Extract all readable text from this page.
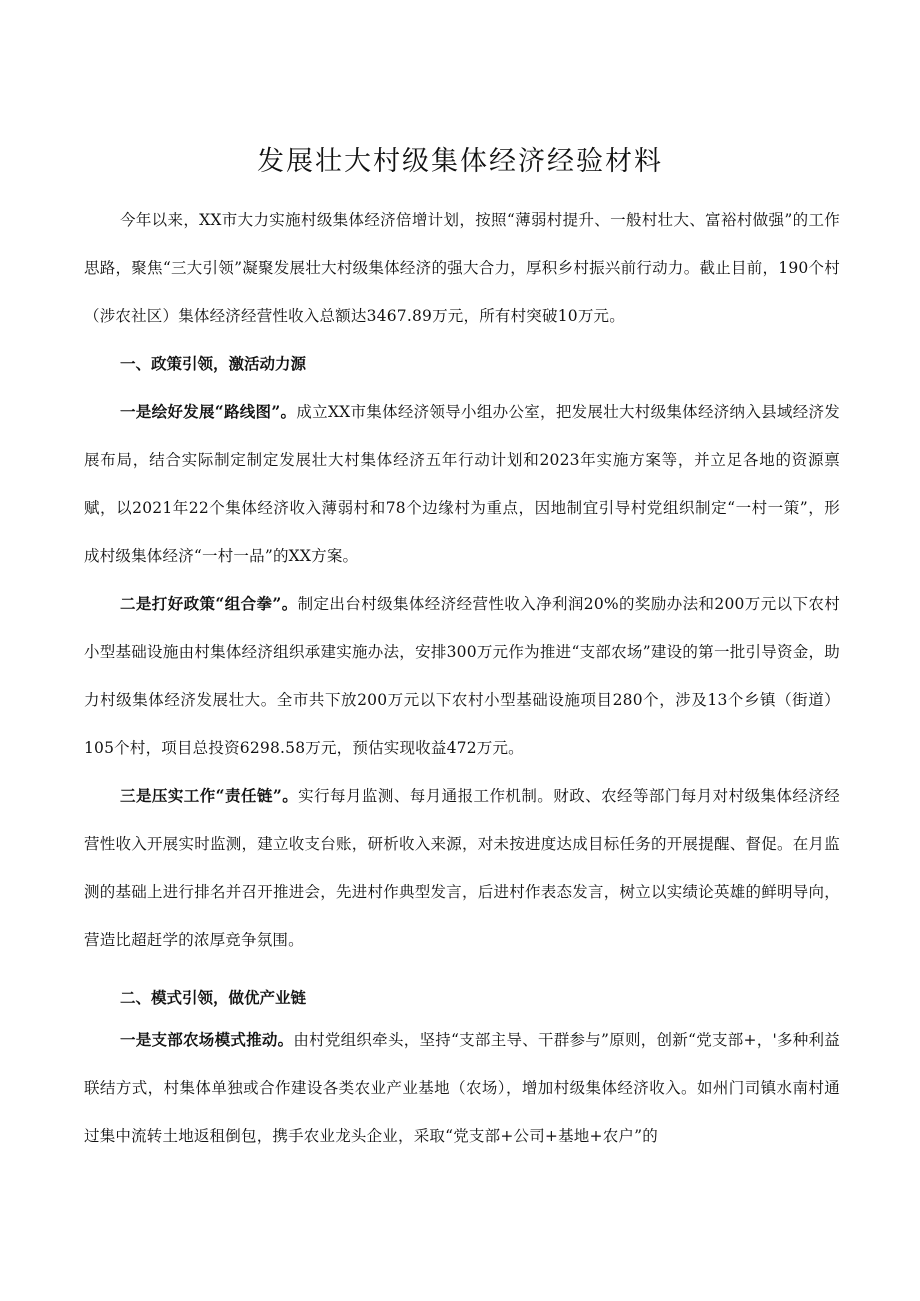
发展壮大村级集体经济经验材料

今年以来，XX市大力实施村级集体经济倍增计划，按照“薄弱村提升、一般村壮大、富裕村做强”的工作思路，聚焦“三大引领”凝聚发展壮大村级集体经济的强大合力，厚积乡村振兴前行动力。截止目前，190个村（涉农社区）集体经济经营性收入总额达3467.89万元，所有村突破10万元。

一、政策引领，激活动力源

一是绘好发展“路线图”。成立XX市集体经济领导小组办公室，把发展壮大村级集体经济纳入县域经济发展布局，结合实际制定制定发展壮大村集体经济五年行动计划和2023年实施方案等，并立足各地的资源禀赋，以2021年22个集体经济收入薄弱村和78个边缘村为重点，因地制宜引导村党组织制定“一村一策”，形成村级集体经济“一村一品”的XX方案。

二是打好政策“组合拳”。制定出台村级集体经济经营性收入净利润20%的奖励办法和200万元以下农村小型基础设施由村集体经济组织承建实施办法，安排300万元作为推进“支部农场”建设的第一批引导资金，助力村级集体经济发展壮大。全市共下放200万元以下农村小型基础设施项目280个，涉及13个乡镇（街道）105个村，项目总投资6298.58万元，预估实现收益472万元。

三是压实工作“责任链”。实行每月监测、每月通报工作机制。财政、农经等部门每月对村级集体经济经营性收入开展实时监测，建立收支台账，研析收入来源，对未按进度达成目标任务的开展提醒、督促。在月监测的基础上进行排名并召开推进会，先进村作典型发言，后进村作表态发言，树立以实绩论英雄的鲜明导向，营造比超赶学的浓厚竞争氛围。

二、模式引领，做优产业链

一是支部农场模式推动。由村党组织牵头，坚持“支部主导、干群参与”原则，创新“党支部+，'多种利益联结方式，村集体单独或合作建设各类农业产业基地（农场），增加村级集体经济收入。如州门司镇水南村通过集中流转土地返租倒包，携手农业龙头企业，采取“党支部+公司+基地+农户”的
